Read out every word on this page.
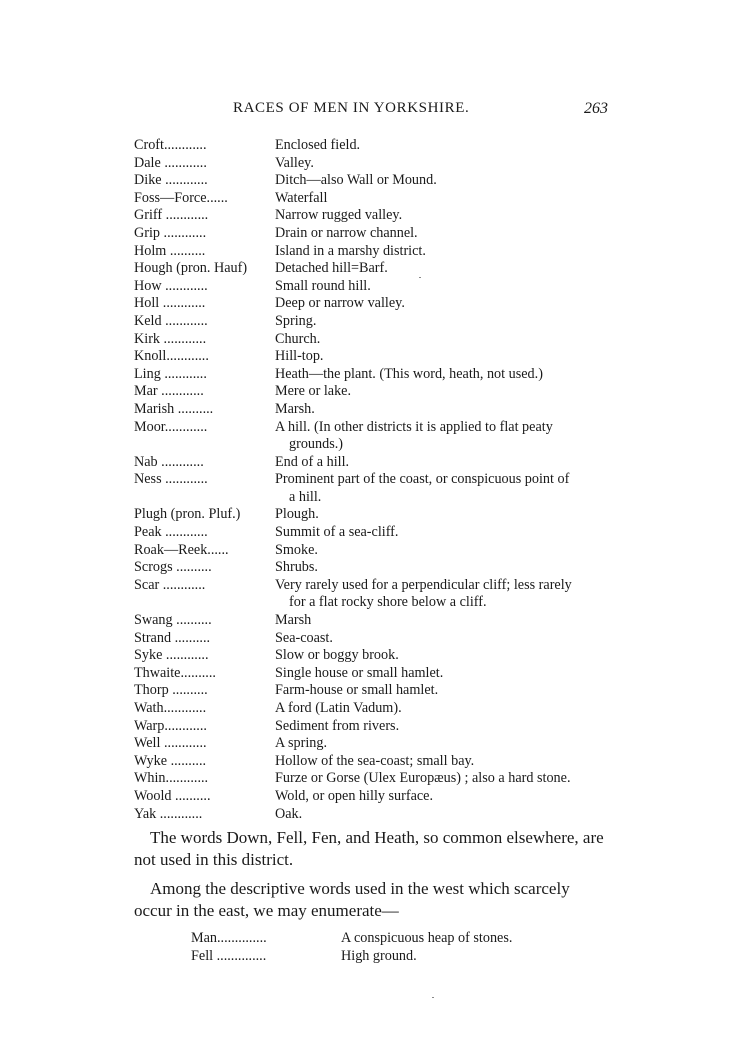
RACES OF MEN IN YORKSHIRE.	263
Croft............	Enclosed field.
Dale ............	Valley.
Dike ............	Ditch—also Wall or Mound.
Foss—Force......	Waterfall
Griff ............	Narrow rugged valley.
Grip ............	Drain or narrow channel.
Holm ..........	Island in a marshy district.
Hough (pron. Hauf)	Detached hill=Barf.
How ............	Small round hill.
Holl ............	Deep or narrow valley.
Keld ............	Spring.
Kirk ............	Church.
Knoll............	Hill-top.
Ling ............	Heath—the plant. (This word, heath, not used.)
Mar ............	Mere or lake.
Marish ..........	Marsh.
Moor............	A hill. (In other districts it is applied to flat peaty
grounds.)
Nab ............	End of a hill.
Ness ............	Prominent part of the coast, or conspicuous point of
a hill.
Plugh (pron. Pluf.)	Plough.
Peak ............	Summit of a sea-cliff.
Roak—Reek......	Smoke.
Scrogs ..........	Shrubs.
Scar ............	Very rarely used for a perpendicular cliff; less rarely
for a flat rocky shore below a cliff.
Swang ..........	Marsh
Strand ..........	Sea-coast.
Syke ............	Slow or boggy brook.
Thwaite..........	Single house or small hamlet.
Thorp ..........	Farm-house or small hamlet.
Wath............	A ford (Latin Vadum).
Warp............	Sediment from rivers.
Well ............	A spring.
Wyke ..........	Hollow of the sea-coast; small bay.
Whin............	Furze or Gorse (Ulex Europæus) ; also a hard stone.
Woold ..........	Wold, or open hilly surface.
Yak ............	Oak.
The words Down, Fell, Fen, and Heath, so common elsewhere, are not used in this district.
Among the descriptive words used in the west which scarcely occur in the east, we may enumerate—
Man..............	A conspicuous heap of stones.
Fell ..............	High ground.
